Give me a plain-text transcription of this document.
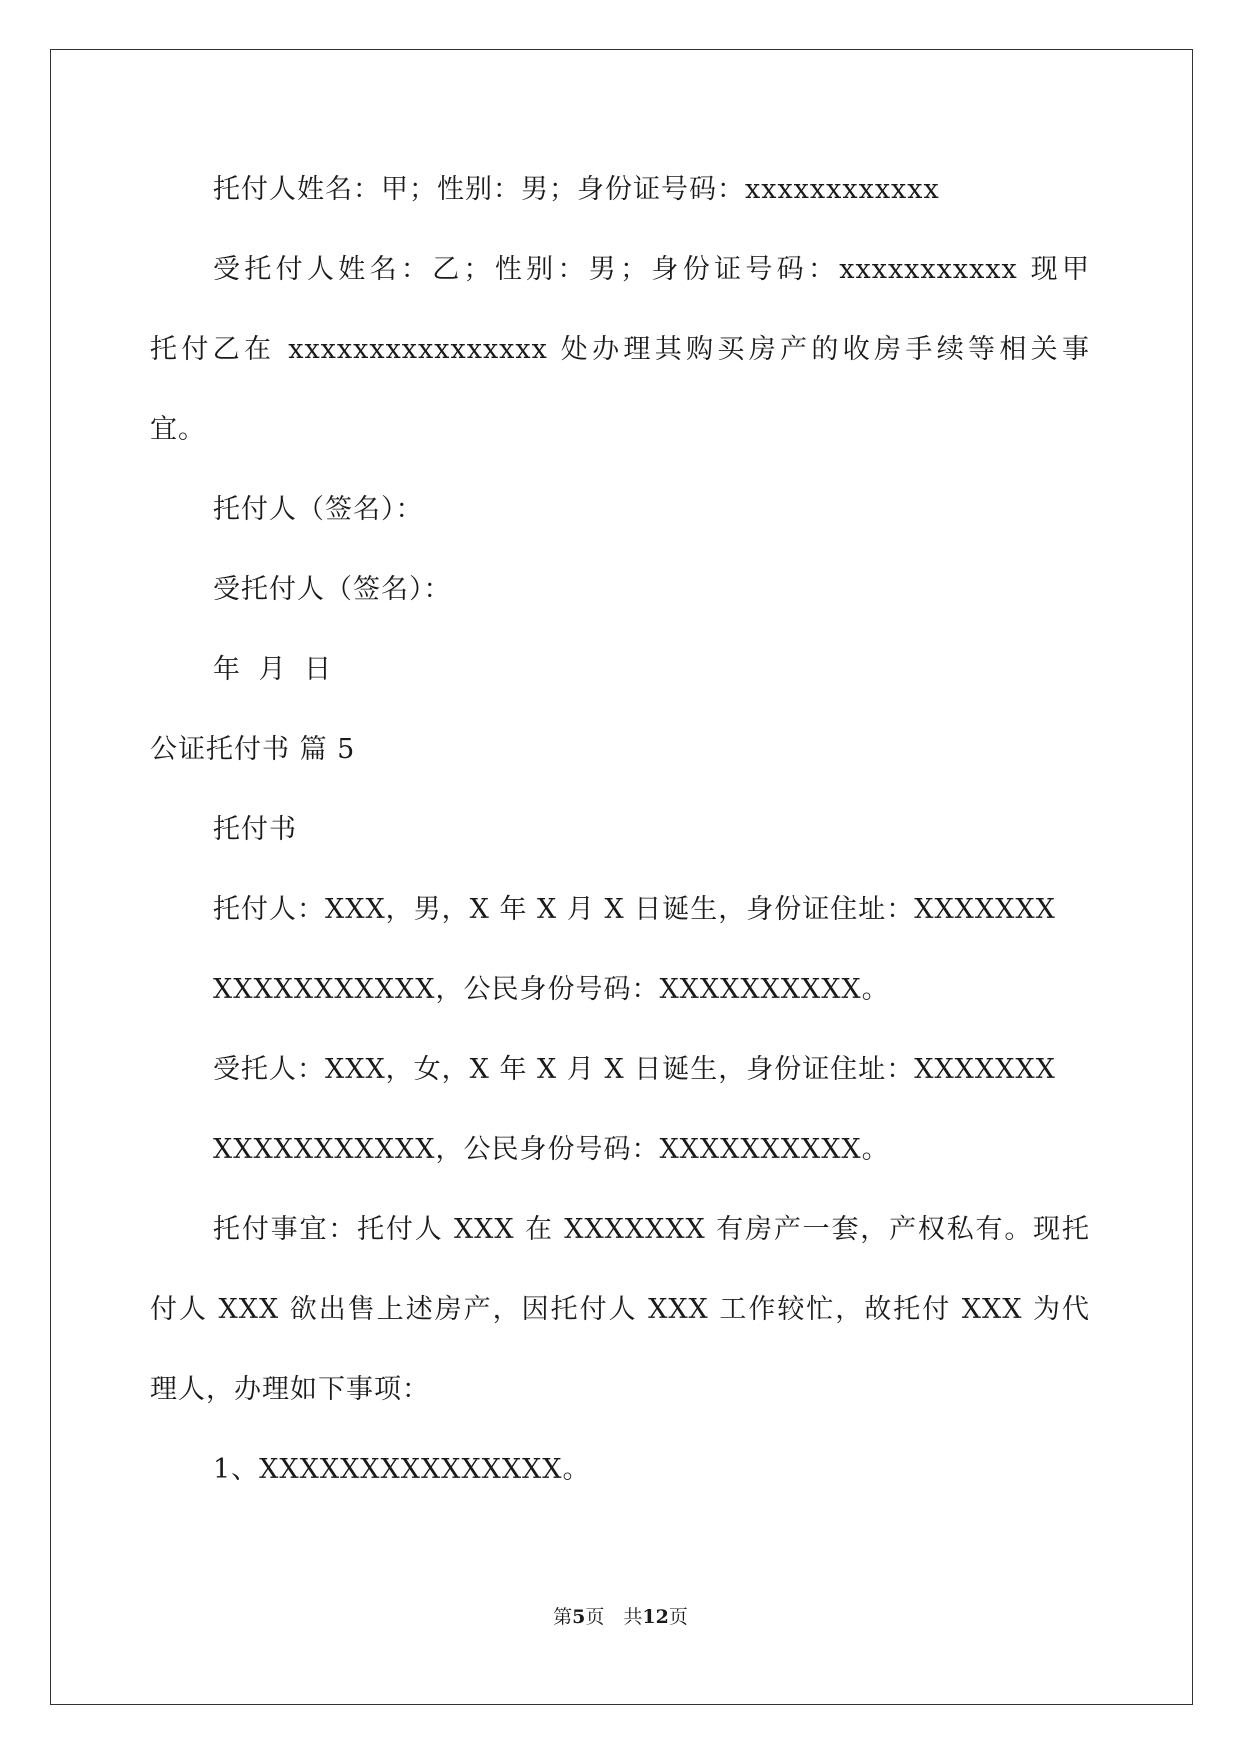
托付人姓名：甲；性别：男；身份证号码：xxxxxxxxxxxx
受托付人姓名：乙；性别：男；身份证号码：xxxxxxxxxxx 现甲
托付乙在 xxxxxxxxxxxxxxxx 处办理其购买房产的收房手续等相关事
宜。
托付人（签名）：
受托付人（签名）：
年 月 日
公证托付书 篇 5
托付书
托付人：XXX，男，X 年 X 月 X 日诞生，身份证住址：XXXXXXX
XXXXXXXXXXX，公民身份号码：XXXXXXXXXX。
受托人：XXX，女，X 年 X 月 X 日诞生，身份证住址：XXXXXXX
XXXXXXXXXXX，公民身份号码：XXXXXXXXXX。
托付事宜：托付人 XXX 在 XXXXXXX 有房产一套，产权私有。现托
付人 XXX 欲出售上述房产，因托付人 XXX 工作较忙，故托付 XXX 为代
理人，办理如下事项：
1、XXXXXXXXXXXXXXX。
第5页  共12页
